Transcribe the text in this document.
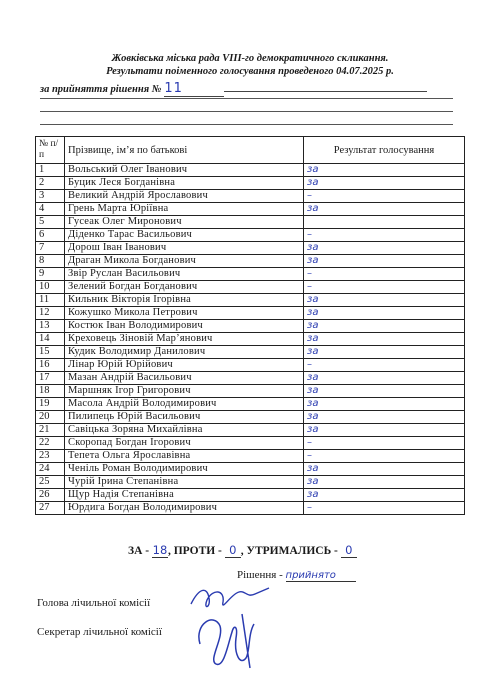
Жовківська міська рада VIII-го демократичного скликання.
Результати поіменного голосування проведеного 04.07.2025 р.
за прийняття рішення № 11
№ п/п	Прізвище, ім’я по батькові	Результат голосування
1	Вольський Олег Іванович	за
2	Буцик Леся Богданівна	за
3	Великий Андрій Ярославович	–
4	Грень Марта Юріївна	за
5	Гусеак Олег Миронович	
6	Діденко Тарас Васильович	–
7	Дорош Іван Іванович	за
8	Драган Микола Богданович	за
9	Звір Руслан Васильович	–
10	Зелений Богдан Богданович	–
11	Кильник Вікторія Ігорівна	за
12	Кожушко Микола Петрович	за
13	Костюк Іван Володимирович	за
14	Креховець Зіновій Мар’янович	за
15	Кудик Володимир Данилович	за
16	Лінар Юрій Юрійович	–
17	Мазан Андрій Васильович	за
18	Маршняк Ігор Григорович	за
19	Масола Андрій Володимирович	за
20	Пилипець Юрій Васильович	за
21	Савіцька Зоряна Михайлівна	за
22	Скоропад Богдан Ігорович	–
23	Тепета Ольга Ярославівна	–
24	Ченіль Роман Володимирович	за
25	Чурій Ірина Степанівна	за
26	Щур Надія Степанівна	за
27	Юрдига Богдан Володимирович	–
ЗА - 18, ПРОТИ - 0 , УТРИМАЛИСЬ - 0
Рішення - прийнято
Голова лічильної комісії
Секретар лічильної комісії
